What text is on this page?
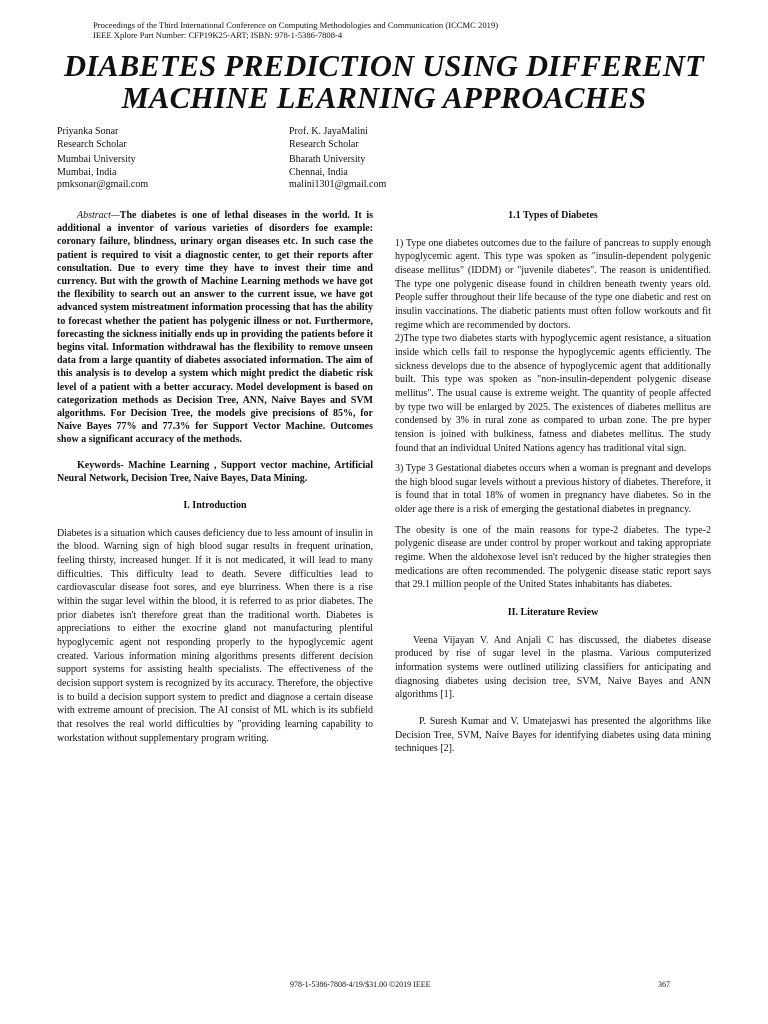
Proceedings of the Third International Conference on Computing Methodologies and Communication (ICCMC 2019)
IEEE Xplore Part Number: CFP19K25-ART; ISBN: 978-1-5386-7808-4
DIABETES PREDICTION USING DIFFERENT
MACHINE LEARNING APPROACHES
Priyanka Sonar
Research Scholar
Mumbai University
Mumbai, India
pmksonar@gmail.com
Prof. K. JayaMalini
Research Scholar
Bharath University
Chennai, India
malini1301@gmail.com

Abstract—The diabetes is one of lethal diseases in the world. It is additional a inventor of various varieties of disorders foe example: coronary failure, blindness, urinary organ diseases etc. In such case the patient is required to visit a diagnostic center, to get their reports after consultation. Due to every time they have to invest their time and currency. But with the growth of Machine Learning methods we have got the flexibility to search out an answer to the current issue, we have got advanced system mistreatment information processing that has the ability to forecast whether the patient has polygenic illness or not. Furthermore, forecasting the sickness initially ends up in providing the patients before it begins vital. Information withdrawal has the flexibility to remove unseen data from a large quantity of diabetes associated information. The aim of this analysis is to develop a system which might predict the diabetic risk level of a patient with a better accuracy. Model development is based on categorization methods as Decision Tree, ANN, Naive Bayes and SVM algorithms. For Decision Tree, the models give precisions of 85%, for Naive Bayes 77% and 77.3% for Support Vector Machine. Outcomes show a significant accuracy of the methods.

Keywords- Machine Learning , Support vector machine, Artificial Neural Network, Decision Tree, Naive Bayes, Data Mining.

I. Introduction

Diabetes is a situation which causes deficiency due to less amount of insulin in the blood. Warning sign of high blood sugar results in frequent urination, feeling thirsty, increased hunger. If it is not medicated, it will lead to many difficulties. This difficulty lead to death. Severe difficulties lead to cardiovascular disease foot sores, and eye blurriness. When there is a rise within the sugar level within the blood, it is referred to as prior diabetes. The prior diabetes isn't therefore great than the traditional worth. Diabetes is appreciations to either the exocrine gland not manufacturing plentiful hypoglycemic agent not responding properly to the hypoglycemic agent created. Various information mining algorithms presents different decision support systems for assisting health specialists. The effectiveness of the decision support system is recognized by its accuracy. Therefore, the objective is to build a decision support system to predict and diagnose a certain disease with extreme amount of precision. The AI consist of ML which is its subfield that resolves the real world difficulties by "providing learning capability to workstation without supplementary program writing.

1.1 Types of Diabetes

1) Type one diabetes outcomes due to the failure of pancreas to supply enough hypoglycemic agent. This type was spoken as "insulin-dependent polygenic disease mellitus" (IDDM) or "juvenile diabetes". The reason is unidentified. The type one polygenic disease found in children beneath twenty years old. People suffer throughout their life because of the type one diabetic and rest on insulin vaccinations. The diabetic patients must often follow workouts and fit regime which are recommended by doctors.

2)The type two diabetes starts with hypoglycemic agent resistance, a situation inside which cells fail to response the hypoglycemic agents efficiently. The sickness develops due to the absence of hypoglycemic agent that additionally built. This type was spoken as "non-insulin-dependent polygenic disease mellitus". The usual cause is extreme weight. The quantity of people affected by type two will be enlarged by 2025. The existences of diabetes mellitus are condensed by 3% in rural zone as compared to urban zone. The pre hyper tension is joined with bulkiness, fatness and diabetes mellitus. The study found that an individual United Nations agency has traditional vital sign.

3) Type 3 Gestational diabetes occurs when a woman is pregnant and develops the high blood sugar levels without a previous history of diabetes. Therefore, it is found that in total 18% of women in pregnancy have diabetes. So in the older age there is a risk of emerging the gestational diabetes in pregnancy.

The obesity is one of the main reasons for type-2 diabetes. The type-2 polygenic disease are under control by proper workout and taking appropriate regime. When the aldohexose level isn't reduced by the higher strategies then medications are often recommended. The polygenic disease static report says that 29.1 million people of the United States inhabitants has diabetes.

II. Literature Review

Veena Vijayan V. And Anjali C has discussed, the diabetes disease produced by rise of sugar level in the plasma. Various computerized information systems were outlined utilizing classifiers for anticipating and diagnosing diabetes using decision tree, SVM, Naive Bayes and ANN algorithms [1].

P. Suresh Kumar and V. Umatejaswi has presented the algorithms like Decision Tree, SVM, Naive Bayes for identifying diabetes using data mining techniques [2].

978-1-5386-7808-4/19/$31.00 ©2019 IEEE	367
